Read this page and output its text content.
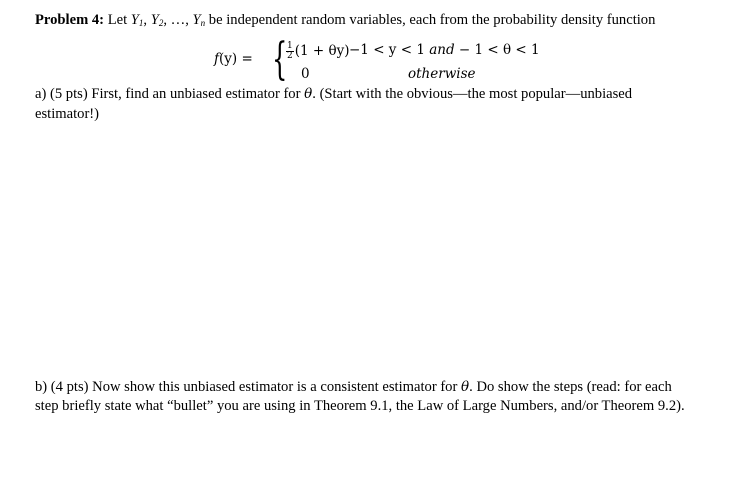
Problem 4: Let $Y_1$, $Y_2$, …, $Y_n$ be independent random variables, each from the probability density function
f(y) = {
$\frac{1}{2} (1 + \theta y) -1 < y < 1$ and − 1 < θ < 1
0	otherwise
a) (5 pts) First, find an unbiased estimator for θ. (Start with the obvious—the most popular—unbiased
estimator!)
b) (4 pts) Now show this unbiased estimator is a consistent estimator for θ. Do show the steps (read: for each
step briefly state what “bullet” you are using in Theorem 9.1, the Law of Large Numbers, and/or Theorem 9.2).
